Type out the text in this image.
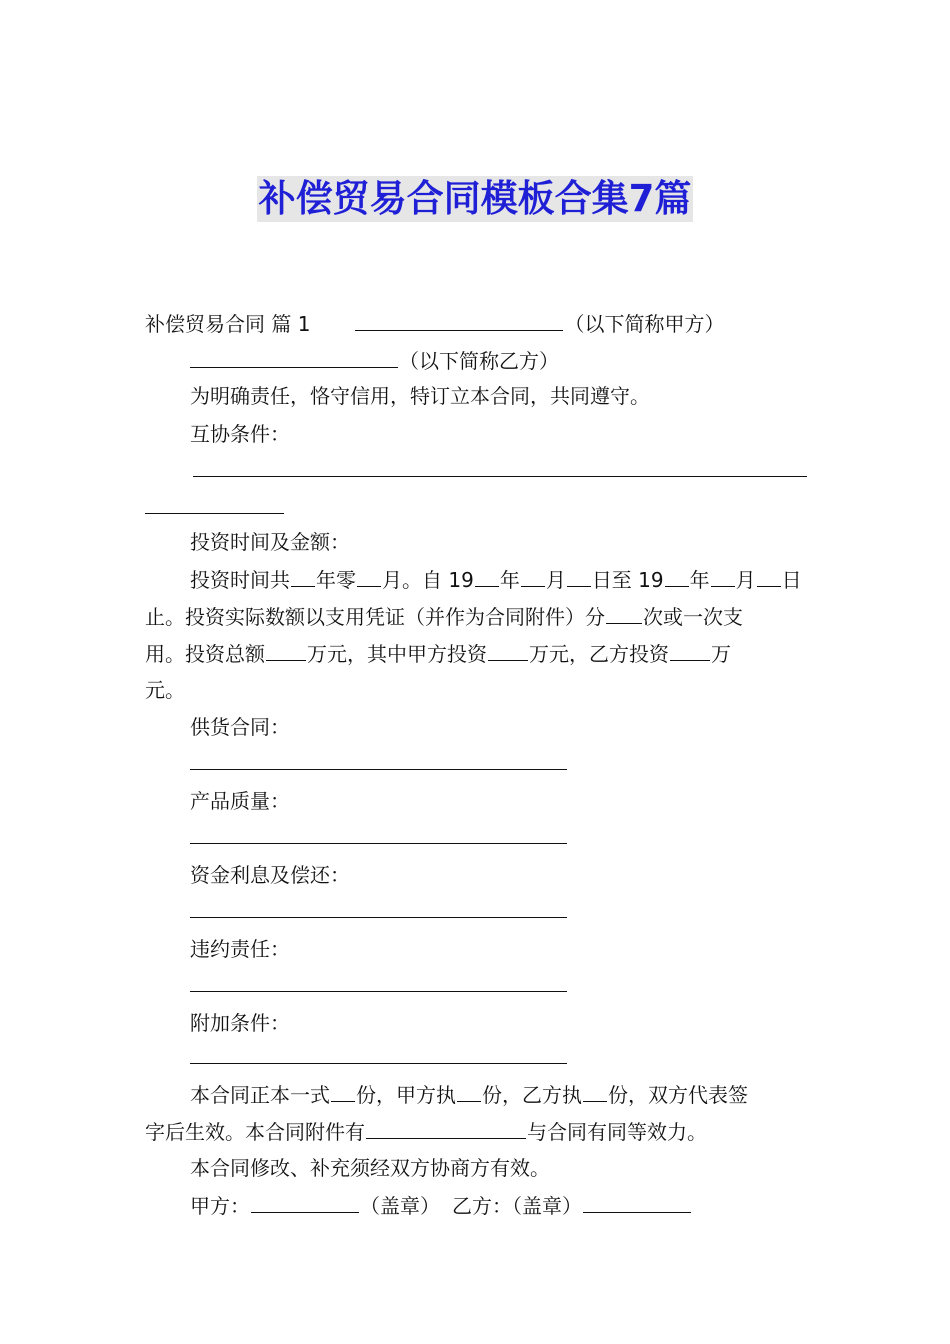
补偿贸易合同模板合集7篇
补偿贸易合同 篇 1	（以下简称甲方）
（以下简称乙方）
为明确责任，恪守信用，特订立本合同，共同遵守。
互协条件：
投资时间及金额：
投资时间共 年零 月。自 19 年 月 日至 19 年 月 日
止。投资实际数额以支用凭证（并作为合同附件）分 次或一次支
用。投资总额 万元，其中甲方投资 万元，乙方投资 万
元。
供货合同：
产品质量：
资金利息及偿还：
违约责任：
附加条件：
本合同正本一式 份，甲方执 份，乙方执 份，双方代表签
字后生效。本合同附件有	与合同有同等效力。
本合同修改、补充须经双方协商方有效。
甲方：	（盖章） 乙方：（盖章）
